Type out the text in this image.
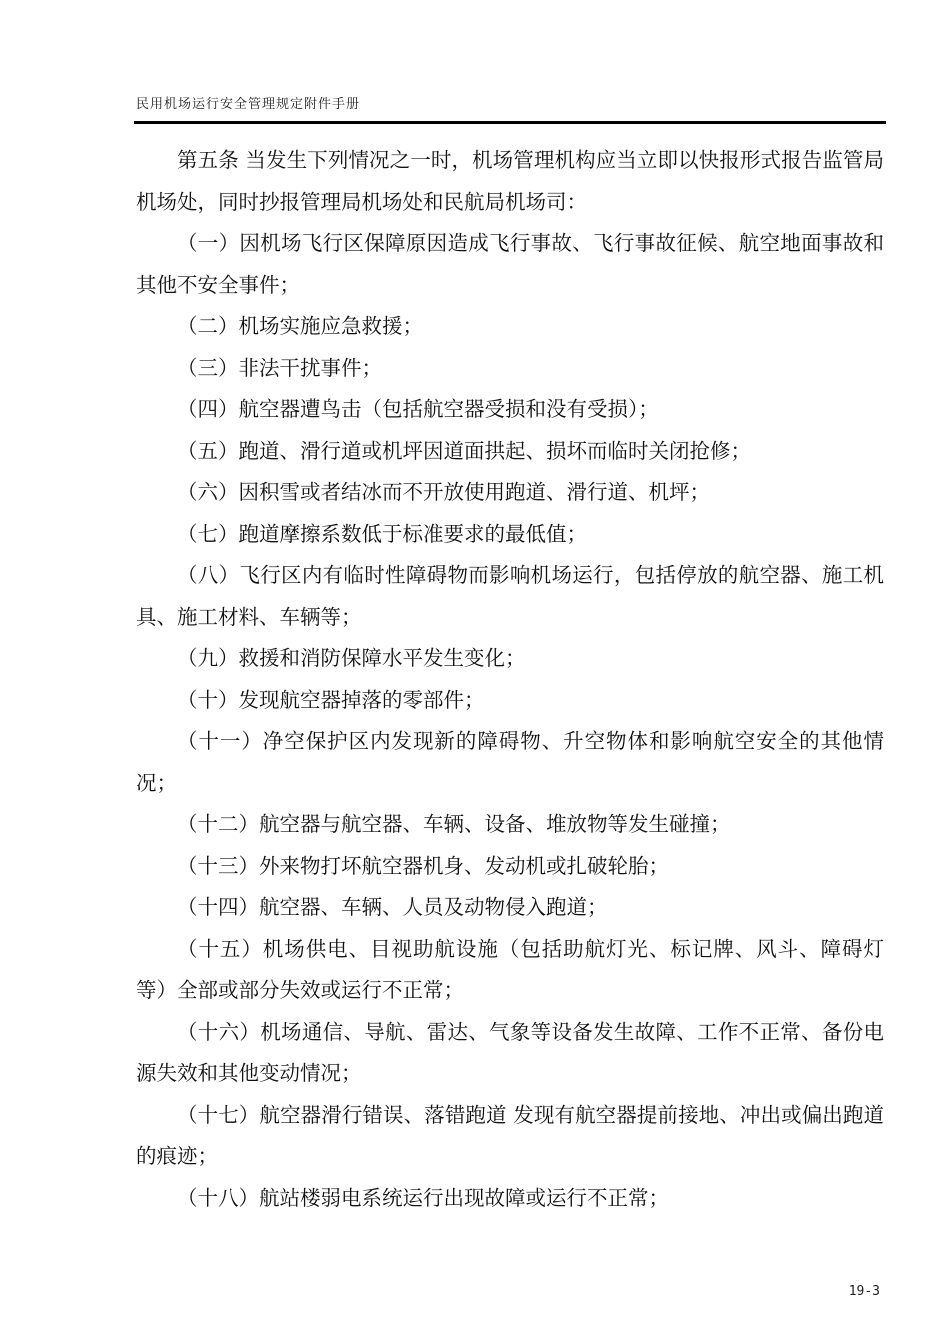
民用机场运行安全管理规定附件手册

第五条 当发生下列情况之一时，机场管理机构应当立即以快报形式报告监管局机场处，同时抄报管理局机场处和民航局机场司：

（一）因机场飞行区保障原因造成飞行事故、飞行事故征候、航空地面事故和其他不安全事件；

（二）机场实施应急救援；

（三）非法干扰事件；

（四）航空器遭鸟击（包括航空器受损和没有受损）；

（五）跑道、滑行道或机坪因道面拱起、损坏而临时关闭抢修；

（六）因积雪或者结冰而不开放使用跑道、滑行道、机坪；

（七）跑道摩擦系数低于标准要求的最低值；

（八）飞行区内有临时性障碍物而影响机场运行，包括停放的航空器、施工机具、施工材料、车辆等；

（九）救援和消防保障水平发生变化；

（十）发现航空器掉落的零部件；

（十一）净空保护区内发现新的障碍物、升空物体和影响航空安全的其他情况；

（十二）航空器与航空器、车辆、设备、堆放物等发生碰撞；

（十三）外来物打坏航空器机身、发动机或扎破轮胎；

（十四）航空器、车辆、人员及动物侵入跑道；

（十五）机场供电、目视助航设施（包括助航灯光、标记牌、风斗、障碍灯等）全部或部分失效或运行不正常；

（十六）机场通信、导航、雷达、气象等设备发生故障、工作不正常、备份电源失效和其他变动情况；

（十七）航空器滑行错误、落错跑道 发现有航空器提前接地、冲出或偏出跑道的痕迹；

（十八）航站楼弱电系统运行出现故障或运行不正常；

19-3
